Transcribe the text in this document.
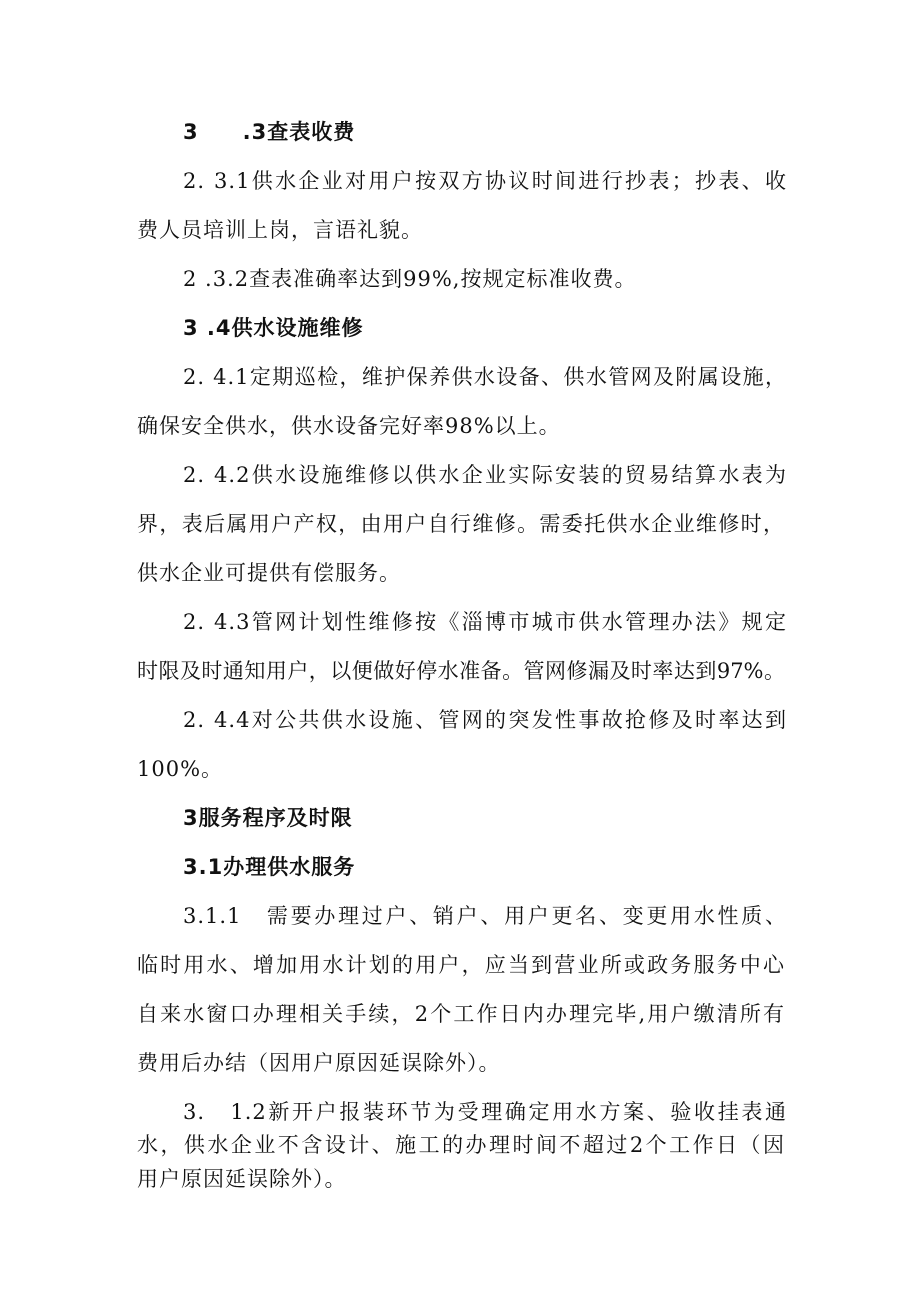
3　　.3查表收费
2. 3.1供水企业对用户按双方协议时间进行抄表；抄表、收
费人员培训上岗，言语礼貌。
2 .3.2查表准确率达到99%,按规定标准收费。
3 .4供水设施维修
2. 4.1定期巡检，维护保养供水设备、供水管网及附属设施，
确保安全供水，供水设备完好率98%以上。
2. 4.2供水设施维修以供水企业实际安装的贸易结算水表为
界，表后属用户产权，由用户自行维修。需委托供水企业维修时，
供水企业可提供有偿服务。
2. 4.3管网计划性维修按《淄博市城市供水管理办法》规定
时限及时通知用户，以便做好停水准备。管网修漏及时率达到97%。
2. 4.4对公共供水设施、管网的突发性事故抢修及时率达到
100%。
3服务程序及时限
3.1办理供水服务
3.1.1　需要办理过户、销户、用户更名、变更用水性质、
临时用水、增加用水计划的用户，应当到营业所或政务服务中心
自来水窗口办理相关手续，2个工作日内办理完毕,用户缴清所有
费用后办结（因用户原因延误除外）。
3.　1.2新开户报装环节为受理确定用水方案、验收挂表通
水，供水企业不含设计、施工的办理时间不超过2个工作日（因
用户原因延误除外）。
